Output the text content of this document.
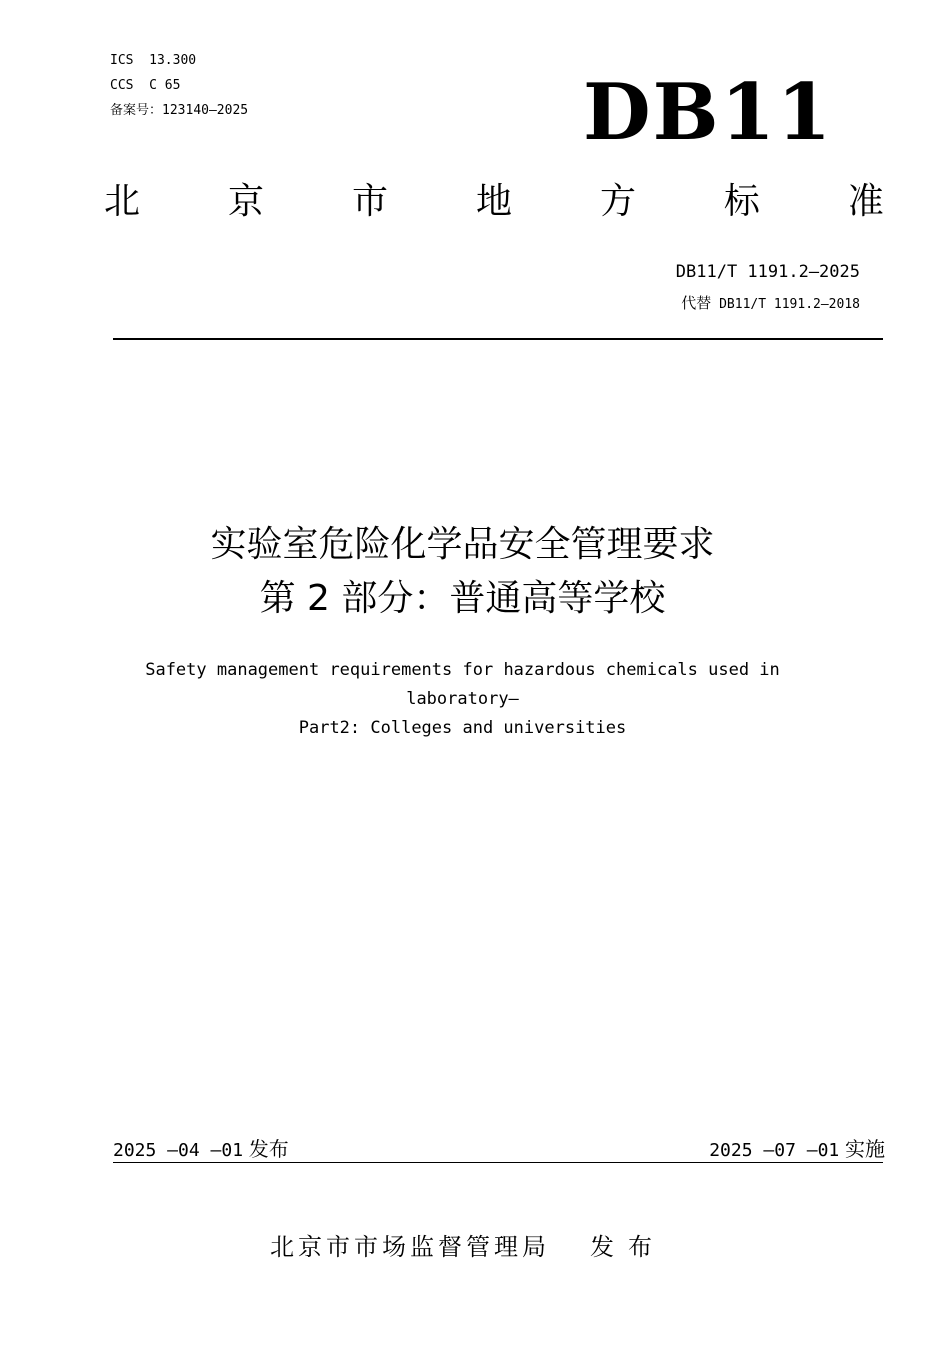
ICS  13.300
CCS  C 65
备案号：123140—2025	DB11
北 京 市 地 方 标 准
DB11/T 1191.2—2025
代替 DB11/T 1191.2—2018
实验室危险化学品安全管理要求
第 2 部分：普通高等学校
Safety management requirements for hazardous chemicals used in
laboratory—
Part2: Colleges and universities
2025 —04 —01 发布	2025 —07 —01 实施
北京市市场监督管理局 发布
